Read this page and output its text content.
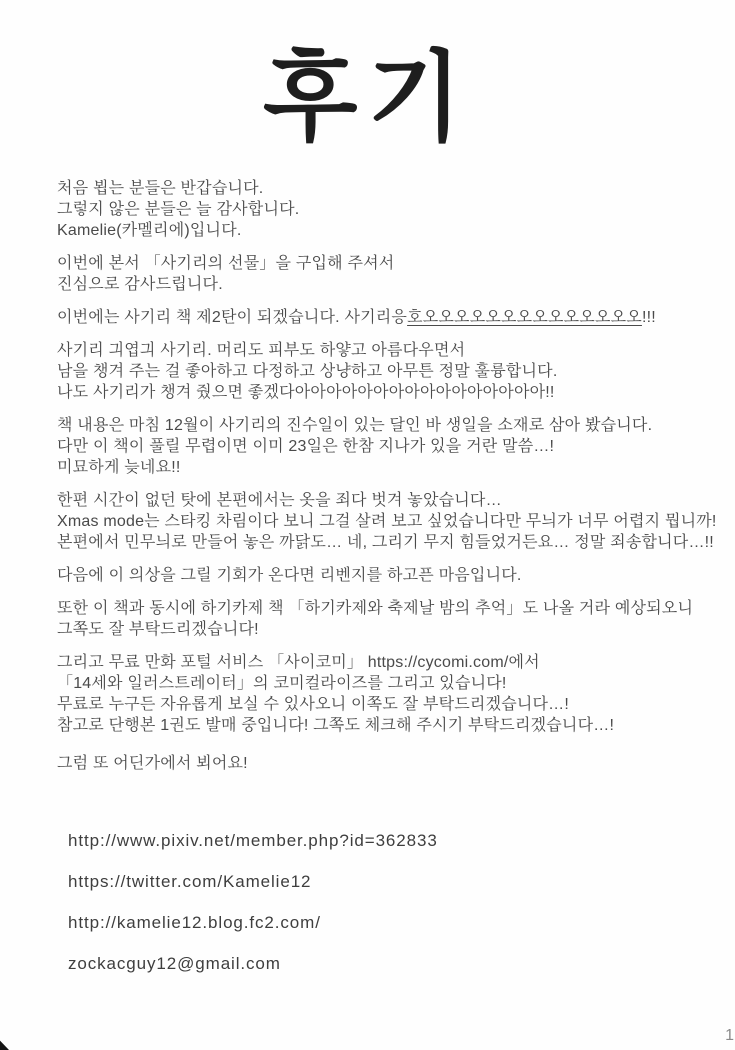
후기
처음 뵙는 분들은 반갑습니다.
그렇지 않은 분들은 늘 감사합니다.
Kamelie(카멜리에)입니다.
이번에 본서 「사기리의 선물」을 구입해 주셔서
진심으로 감사드립니다.
이번에는 사기리 책 제2탄이 되겠습니다. 사기리응호오오오오오오오오오오오오오오!!!
사기리 긔엽긔 사기리. 머리도 피부도 하얗고 아름다우면서
남을 챙겨 주는 걸 좋아하고 다정하고 상냥하고 아무튼 정말 훌륭합니다.
나도 사기리가 챙겨 줬으면 좋겠다아아아아아아아아아아아아아아아아!!
책 내용은 마침 12월이 사기리의 진수일이 있는 달인 바 생일을 소재로 삼아 봤습니다.
다만 이 책이 풀릴 무렵이면 이미 23일은 한참 지나가 있을 거란 말씀…!
미묘하게 늦네요!!
한편 시간이 없던 탓에 본편에서는 옷을 죄다 벗겨 놓았습니다…
Xmas mode는 스타킹 차림이다 보니 그걸 살려 보고 싶었습니다만 무늬가 너무 어렵지 뭡니까!
본편에서 민무늬로 만들어 놓은 까닭도… 네, 그리기 무지 힘들었거든요… 정말 죄송합니다…!!
다음에 이 의상을 그릴 기회가 온다면 리벤지를 하고픈 마음입니다.
또한 이 책과 동시에 하기카제 책 「하기카제와 축제날 밤의 추억」도 나올 거라 예상되오니
그쪽도 잘 부탁드리겠습니다!
그리고 무료 만화 포털 서비스 「사이코미」 https://cycomi.com/에서
「14세와 일러스트레이터」의 코미컬라이즈를 그리고 있습니다!
무료로 누구든 자유롭게 보실 수 있사오니 이쪽도 잘 부탁드리겠습니다…!
참고로 단행본 1권도 발매 중입니다! 그쪽도 체크해 주시기 부탁드리겠습니다…!
그럼 또 어딘가에서 뵈어요!
http://www.pixiv.net/member.php?id=362833
https://twitter.com/Kamelie12
http://kamelie12.blog.fc2.com/
zockacguy12@gmail.com
1
